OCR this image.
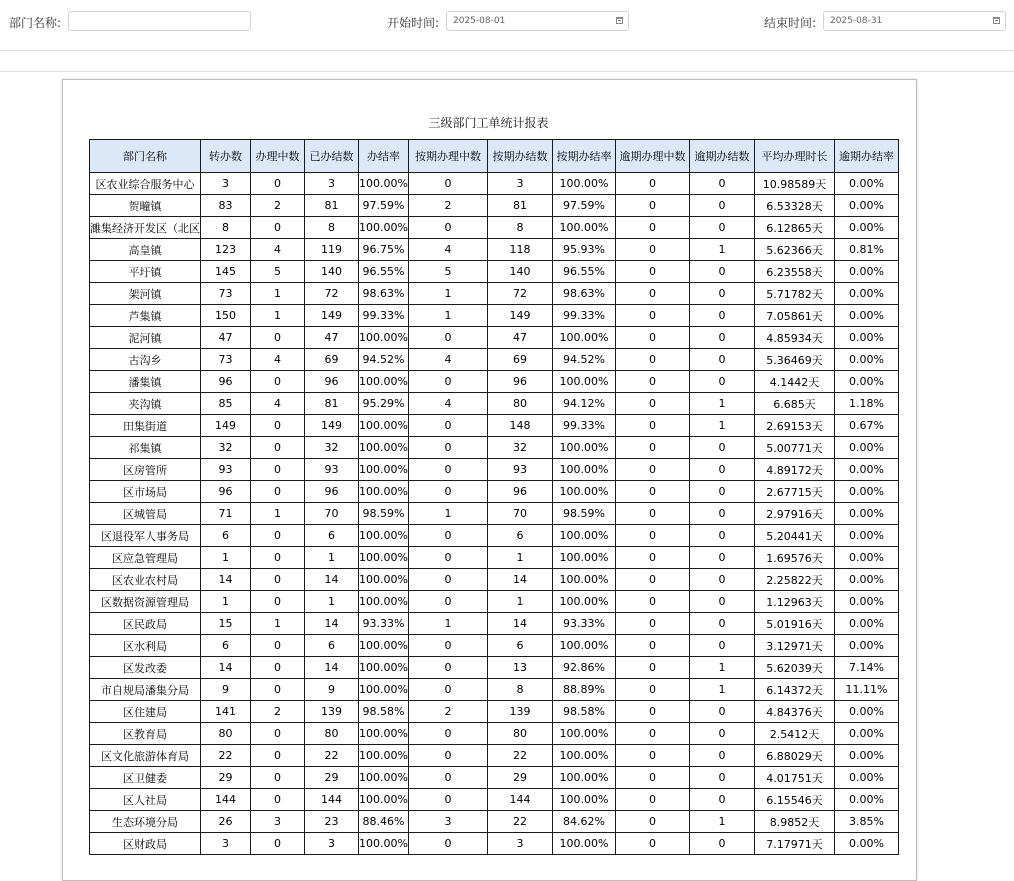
部门名称:	开始时间:	2025-08-01	结束时间:	2025-08-31
三级部门工单统计报表
部门名称	转办数	办理中数	已办结数	办结率	按期办理中数	按期办结数	按期办结率	逾期办理中数	逾期办结数	平均办理时长	逾期办结率
区农业综合服务中心	3	0	3	100.00%	0	3	100.00%	0	0	10.98589天	0.00%
贺疃镇	83	2	81	97.59%	2	81	97.59%	0	0	6.53328天	0.00%
濉集经济开发区（北区	8	0	8	100.00%	0	8	100.00%	0	0	6.12865天	0.00%
高皇镇	123	4	119	96.75%	4	118	95.93%	0	1	5.62366天	0.81%
平圩镇	145	5	140	96.55%	5	140	96.55%	0	0	6.23558天	0.00%
架河镇	73	1	72	98.63%	1	72	98.63%	0	0	5.71782天	0.00%
芦集镇	150	1	149	99.33%	1	149	99.33%	0	0	7.05861天	0.00%
泥河镇	47	0	47	100.00%	0	47	100.00%	0	0	4.85934天	0.00%
古沟乡	73	4	69	94.52%	4	69	94.52%	0	0	5.36469天	0.00%
潘集镇	96	0	96	100.00%	0	96	100.00%	0	0	4.1442天	0.00%
夹沟镇	85	4	81	95.29%	4	80	94.12%	0	1	6.685天	1.18%
田集街道	149	0	149	100.00%	0	148	99.33%	0	1	2.69153天	0.67%
祁集镇	32	0	32	100.00%	0	32	100.00%	0	0	5.00771天	0.00%
区房管所	93	0	93	100.00%	0	93	100.00%	0	0	4.89172天	0.00%
区市场局	96	0	96	100.00%	0	96	100.00%	0	0	2.67715天	0.00%
区城管局	71	1	70	98.59%	1	70	98.59%	0	0	2.97916天	0.00%
区退役军人事务局	6	0	6	100.00%	0	6	100.00%	0	0	5.20441天	0.00%
区应急管理局	1	0	1	100.00%	0	1	100.00%	0	0	1.69576天	0.00%
区农业农村局	14	0	14	100.00%	0	14	100.00%	0	0	2.25822天	0.00%
区数据资源管理局	1	0	1	100.00%	0	1	100.00%	0	0	1.12963天	0.00%
区民政局	15	1	14	93.33%	1	14	93.33%	0	0	5.01916天	0.00%
区水利局	6	0	6	100.00%	0	6	100.00%	0	0	3.12971天	0.00%
区发改委	14	0	14	100.00%	0	13	92.86%	0	1	5.62039天	7.14%
市自规局潘集分局	9	0	9	100.00%	0	8	88.89%	0	1	6.14372天	11.11%
区住建局	141	2	139	98.58%	2	139	98.58%	0	0	4.84376天	0.00%
区教育局	80	0	80	100.00%	0	80	100.00%	0	0	2.5412天	0.00%
区文化旅游体育局	22	0	22	100.00%	0	22	100.00%	0	0	6.88029天	0.00%
区卫健委	29	0	29	100.00%	0	29	100.00%	0	0	4.01751天	0.00%
区人社局	144	0	144	100.00%	0	144	100.00%	0	0	6.15546天	0.00%
生态环境分局	26	3	23	88.46%	3	22	84.62%	0	1	8.9852天	3.85%
区财政局	3	0	3	100.00%	0	3	100.00%	0	0	7.17971天	0.00%
